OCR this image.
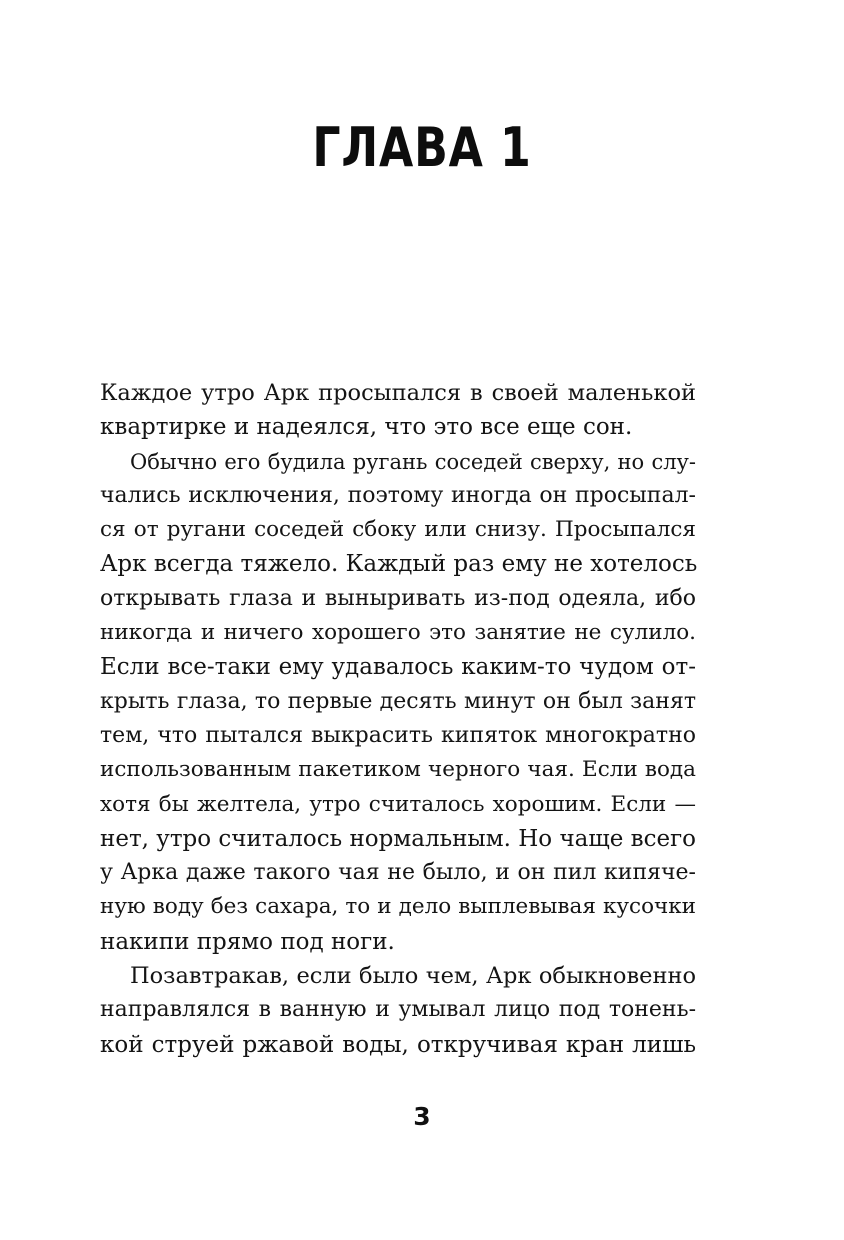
ГЛАВА 1
Каждое утро Арк просыпался в своей маленькой
квартирке и надеялся, что это все еще сон.
Обычно его будила ругань соседей сверху, но слу-
чались исключения, поэтому иногда он просыпал-
ся от ругани соседей сбоку или снизу. Просыпался
Арк всегда тяжело. Каждый раз ему не хотелось
открывать глаза и выныривать из-под одеяла, ибо
никогда и ничего хорошего это занятие не сулило.
Если все-таки ему удавалось каким-то чудом от-
крыть глаза, то первые десять минут он был занят
тем, что пытался выкрасить кипяток многократно
использованным пакетиком черного чая. Если вода
хотя бы желтела, утро считалось хорошим. Если —
нет, утро считалось нормальным. Но чаще всего
у Арка даже такого чая не было, и он пил кипяче-
ную воду без сахара, то и дело выплевывая кусочки
накипи прямо под ноги.
Позавтракав, если было чем, Арк обыкновенно
направлялся в ванную и умывал лицо под тонень-
кой струей ржавой воды, откручивая кран лишь
3
